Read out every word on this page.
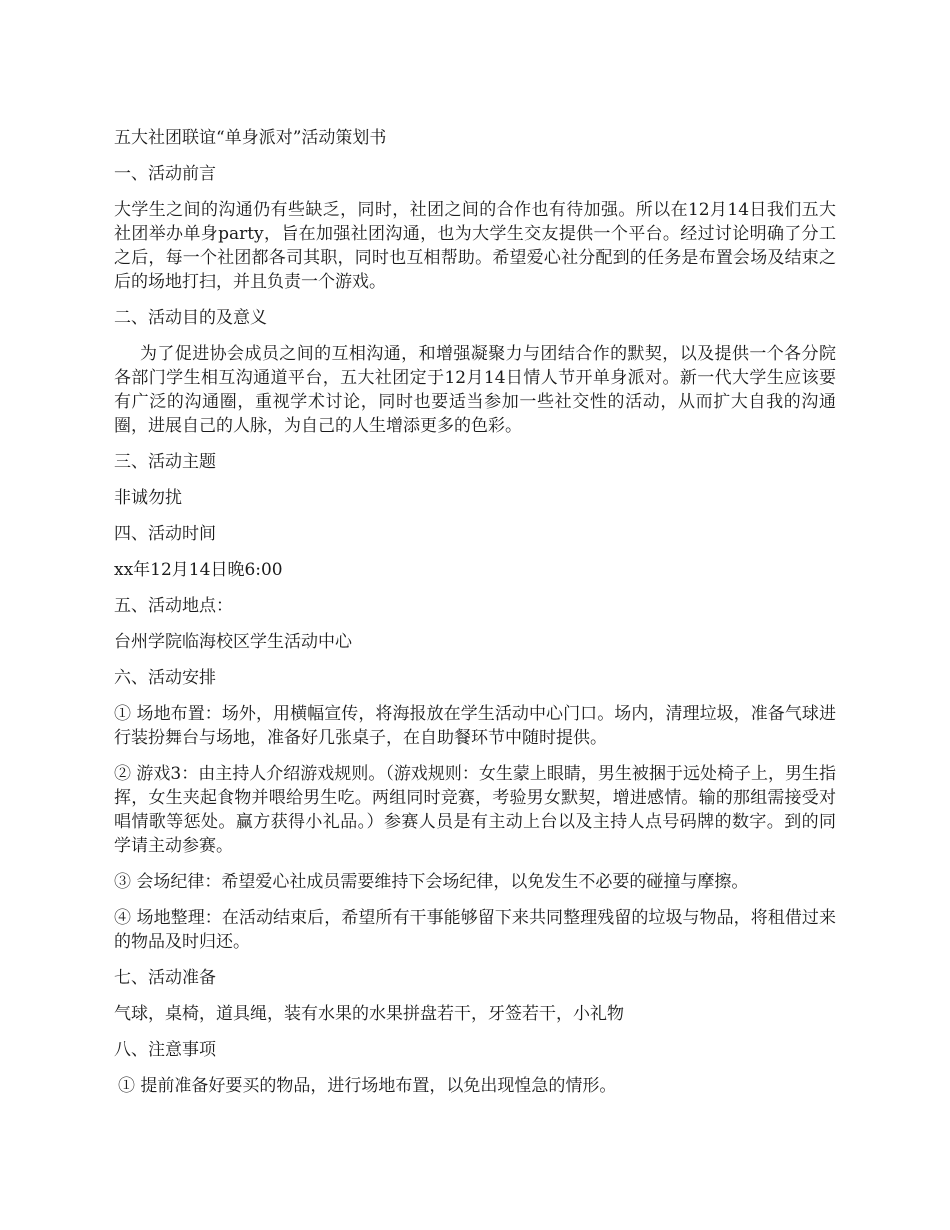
五大社团联谊“单身派对”活动策划书

一、活动前言

大学生之间的沟通仍有些缺乏，同时，社团之间的合作也有待加强。所以在12月14日我们五大社团举办单身party，旨在加强社团沟通，也为大学生交友提供一个平台。经过讨论明确了分工之后，每一个社团都各司其职，同时也互相帮助。希望爱心社分配到的任务是布置会场及结束之后的场地打扫，并且负责一个游戏。

二、活动目的及意义

为了促进协会成员之间的互相沟通，和增强凝聚力与团结合作的默契，以及提供一个各分院各部门学生相互沟通道平台，五大社团定于12月14日情人节开单身派对。新一代大学生应该要有广泛的沟通圈，重视学术讨论，同时也要适当参加一些社交性的活动，从而扩大自我的沟通圈，进展自己的人脉，为自己的人生增添更多的色彩。

三、活动主题

非诚勿扰

四、活动时间

xx年12月14日晚6:00

五、活动地点：

台州学院临海校区学生活动中心

六、活动安排

① 场地布置：场外，用横幅宣传，将海报放在学生活动中心门口。场内，清理垃圾，准备气球进行装扮舞台与场地，准备好几张桌子，在自助餐环节中随时提供。

② 游戏3：由主持人介绍游戏规则。（游戏规则：女生蒙上眼睛，男生被捆于远处椅子上，男生指挥，女生夹起食物并喂给男生吃。两组同时竞赛，考验男女默契，增进感情。输的那组需接受对唱情歌等惩处。赢方获得小礼品。）参赛人员是有主动上台以及主持人点号码牌的数字。到的同学请主动参赛。

③ 会场纪律：希望爱心社成员需要维持下会场纪律，以免发生不必要的碰撞与摩擦。

④ 场地整理：在活动结束后，希望所有干事能够留下来共同整理残留的垃圾与物品，将租借过来的物品及时归还。

七、活动准备

气球，桌椅，道具绳，装有水果的水果拼盘若干，牙签若干，小礼物

八、注意事项

① 提前准备好要买的物品，进行场地布置，以免出现惶急的情形。
